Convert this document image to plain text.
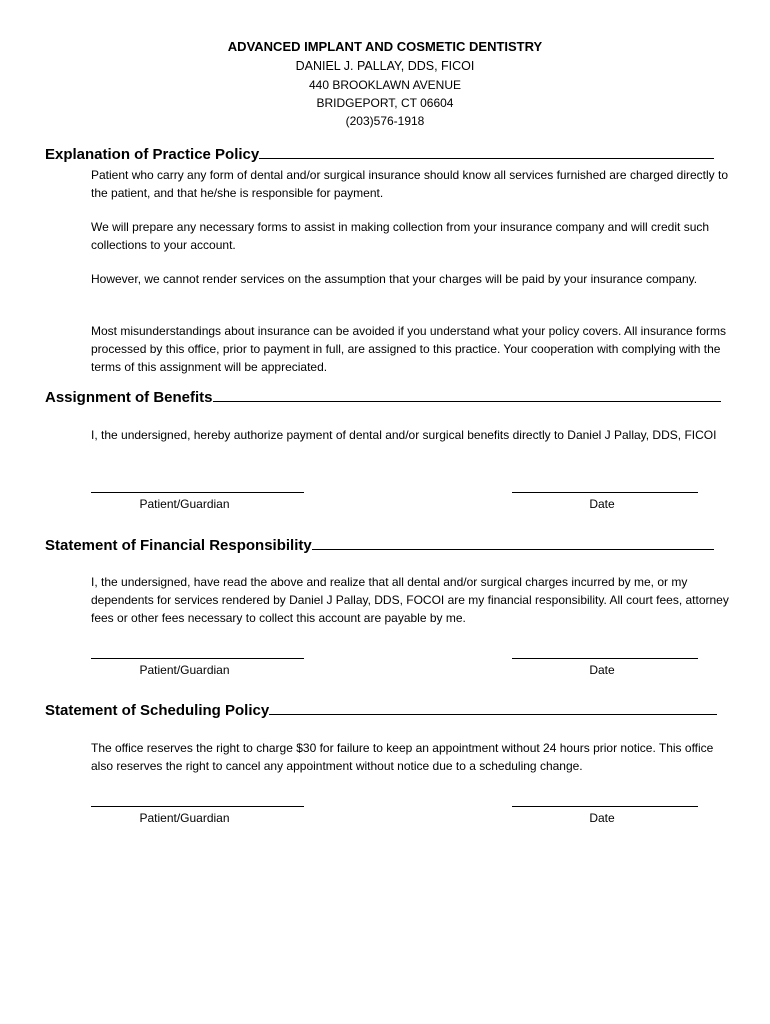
ADVANCED IMPLANT AND COSMETIC DENTISTRY
DANIEL J. PALLAY, DDS, FICOI
440 BROOKLAWN AVENUE
BRIDGEPORT, CT 06604
(203)576-1918
Explanation of Practice Policy
Patient who carry any form of dental and/or surgical insurance should know all services furnished are charged directly to the patient, and that he/she is responsible for payment.
We will prepare any necessary forms to assist in making collection from your insurance company and will credit such collections to your account.
However, we cannot render services on the assumption that your charges will be paid by your insurance company.
Most misunderstandings about insurance can be avoided if you understand what your policy covers. All insurance forms processed by this office, prior to payment in full, are assigned to this practice. Your cooperation with complying with the terms of this assignment will be appreciated.
Assignment of Benefits
I, the undersigned, hereby authorize payment of dental and/or surgical benefits directly to Daniel J Pallay, DDS, FICOI
Patient/Guardian	Date
Statement of Financial Responsibility
I, the undersigned, have read the above and realize that all dental and/or surgical charges incurred by me, or my dependents for services rendered by Daniel J Pallay, DDS, FOCOI are my financial responsibility. All court fees, attorney fees or other fees necessary to collect this account are payable by me.
Patient/Guardian	Date
Statement of Scheduling Policy
The office reserves the right to charge $30 for failure to keep an appointment without 24 hours prior notice. This office also reserves the right to cancel any appointment without notice due to a scheduling change.
Patient/Guardian	Date
